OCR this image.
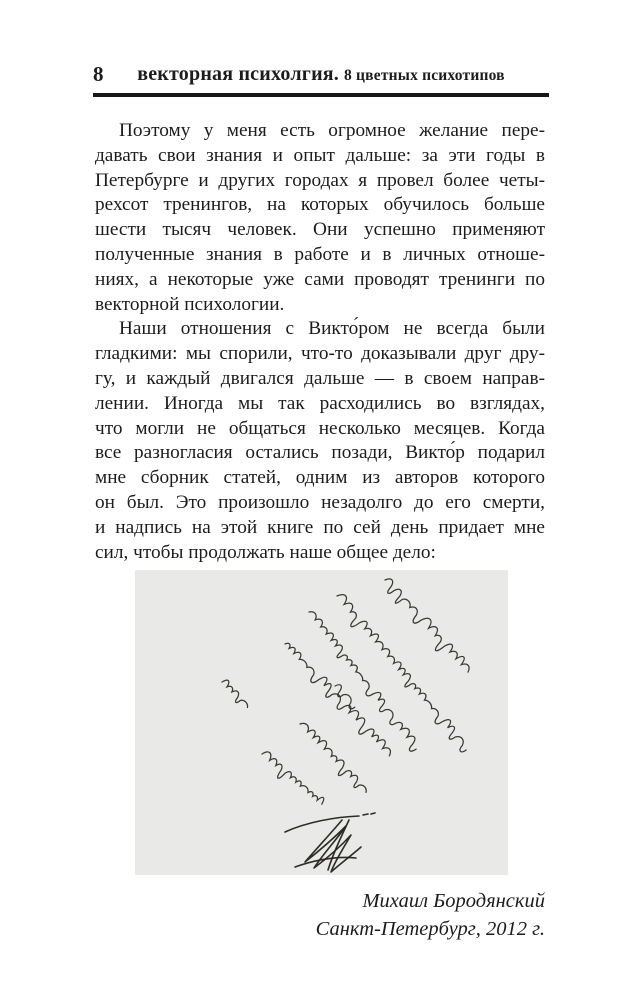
8	векторная психолгия. 8 цветных психотипов
Поэтому у меня есть огромное желание пере-
давать свои знания и опыт дальше: за эти годы в
Петербурге и других городах я провел более четы-
рехсот тренингов, на которых обучилось больше
шести тысяч человек. Они успешно применяют
полученные знания в работе и в личных отноше-
ниях, а некоторые уже сами проводят тренинги по
векторной психологии.
Наши отношения с Викто́ром не всегда были
гладкими: мы спорили, что-то доказывали друг дру-
гу, и каждый двигался дальше — в своем направ-
лении. Иногда мы так расходились во взглядах,
что могли не общаться несколько месяцев. Когда
все разногласия остались позади, Викто́р подарил
мне сборник статей, одним из авторов которого
он был. Это произошло незадолго до его смерти,
и надпись на этой книге по сей день придает мне
сил, чтобы продолжать наше общее дело:
Михаил Бородянский
Санкт-Петербург, 2012 г.
